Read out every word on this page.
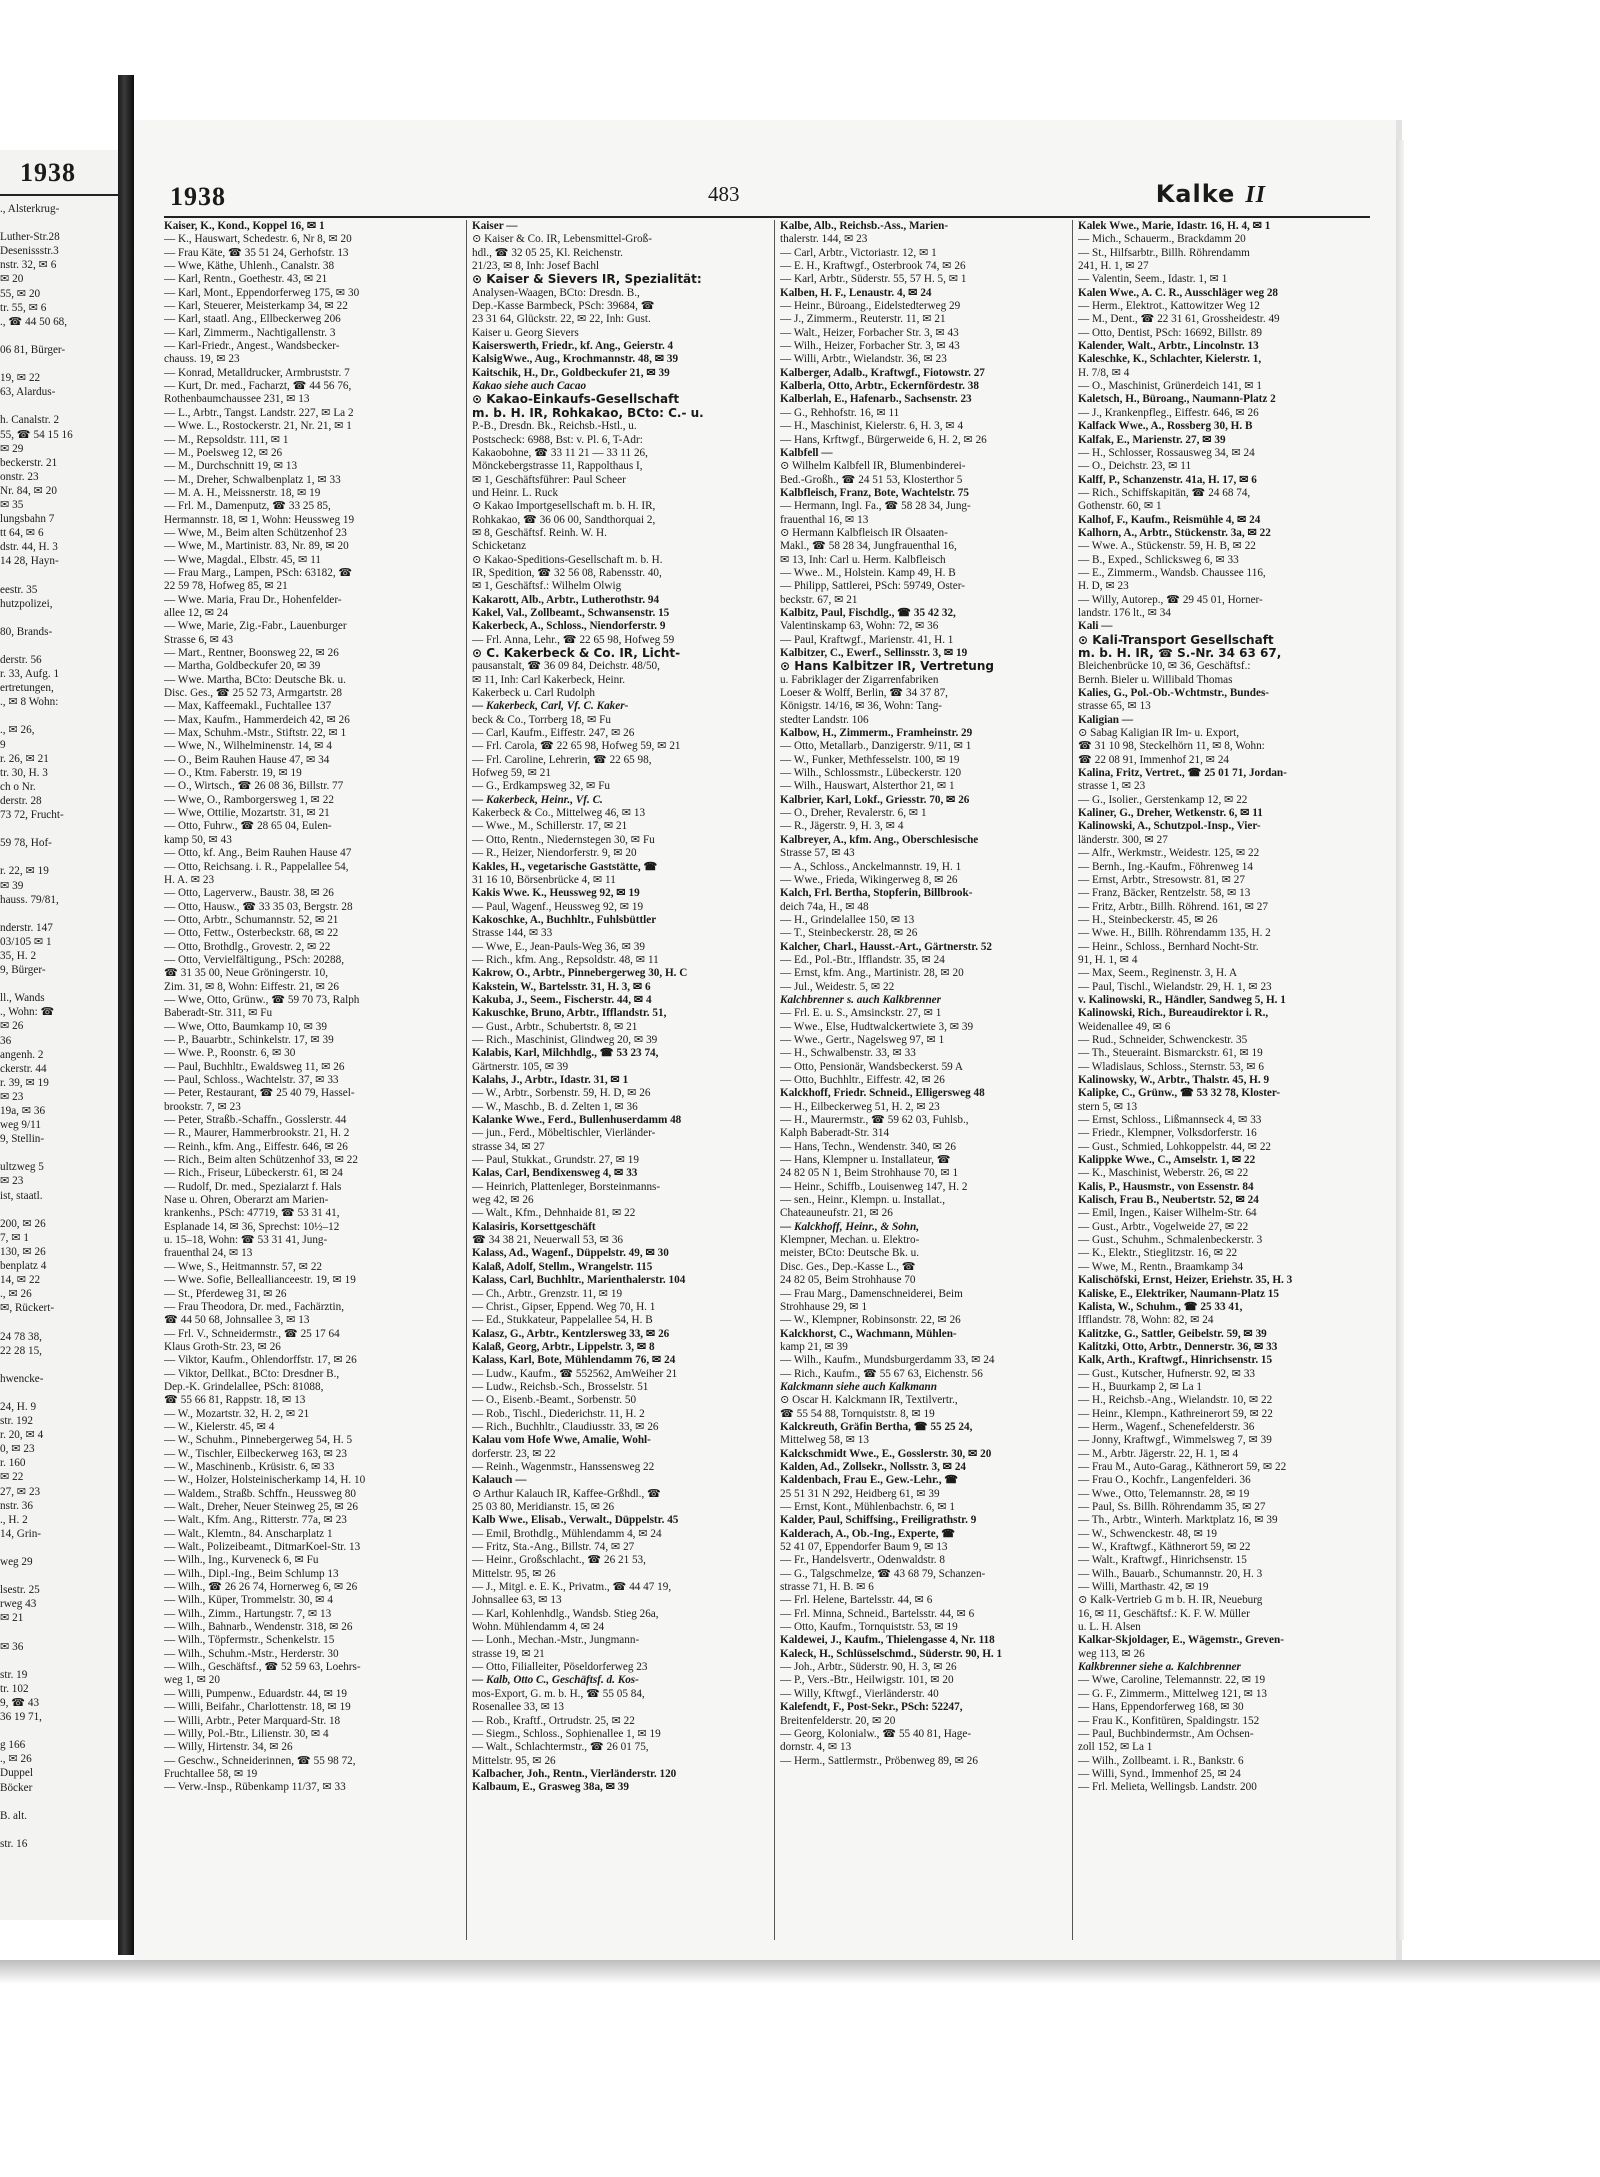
1938
., Alsterkrug-

Luther-Str.28
Desenissstr.3
nstr. 32, ✉ 6
✉ 20
55, ✉ 20
tr. 55, ✉ 6
., ☎ 44 50 68,

06 81, Bürger-

19, ✉ 22
63, Alardus-

h. Canalstr. 2
55, ☎ 54 15 16
✉ 29
beckerstr. 21
onstr. 23
Nr. 84, ✉ 20
✉ 35
lungsbahn 7
tt 64, ✉ 6
dstr. 44, H. 3
14 28, Hayn-

eestr. 35
hutzpolizei,

80, Brands-

derstr. 56
r. 33, Aufg. 1
ertretungen,
., ✉ 8 Wohn:

., ✉ 26,
9
r. 26, ✉ 21
tr. 30, H. 3
ch o Nr.
derstr. 28
73 72, Frucht-

59 78, Hof-

r. 22, ✉ 19
✉ 39
hauss. 79/81,

nderstr. 147
03/105 ✉ 1
35, H. 2
9, Bürger-

ll., Wands
., Wohn: ☎
✉ 26
36
angenh. 2
ckerstr. 44
r. 39, ✉ 19
✉ 23
19a, ✉ 36
weg 9/11
9, Stellin-

ultzweg 5
✉ 23
ist, staatl.

200, ✉ 26
7, ✉ 1
130, ✉ 26
benplatz 4
14, ✉ 22
., ✉ 26
✉, Rückert-

24 78 38,
22 28 15,

hwencke-

24, H. 9
str. 192
r. 20, ✉ 4
0, ✉ 23
r. 160
✉ 22
27, ✉ 23
nstr. 36
., H. 2
14, Grin-

weg 29

lsestr. 25
rweg 43
✉ 21

✉ 36

str. 19
tr. 102
9, ☎ 43
36 19 71,

g 166
., ✉ 26
Duppel
Böcker

B. alt.

str. 16
1938	483	Kalke II
Kaiser, K., Kond., Koppel 16, ✉ 1
— K., Hauswart, Schedestr. 6, Nr 8, ✉ 20
— Frau Käte, ☎ 35 51 24, Gerhofstr. 13
— Wwe, Käthe, Uhlenh., Canalstr. 38
— Karl, Rentn., Goethestr. 43, ✉ 21
— Karl, Mont., Eppendorferweg 175, ✉ 30
— Karl, Steuerer, Meisterkamp 34, ✉ 22
— Karl, staatl. Ang., Ellbeckerweg 206
— Karl, Zimmerm., Nachtigallenstr. 3
— Karl-Friedr., Angest., Wandsbecker-
chauss. 19, ✉ 23
— Konrad, Metalldrucker, Armbruststr. 7
— Kurt, Dr. med., Facharzt, ☎ 44 56 76,
Rothenbaumchaussee 231, ✉ 13
— L., Arbtr., Tangst. Landstr. 227, ✉ La 2
— Wwe. L., Rostockerstr. 21, Nr. 21, ✉ 1
— M., Repsoldstr. 111, ✉ 1
— M., Poelsweg 12, ✉ 26
— M., Durchschnitt 19, ✉ 13
— M., Dreher, Schwalbenplatz 1, ✉ 33
— M. A. H., Meissnerstr. 18, ✉ 19
— Frl. M., Damenputz, ☎ 33 25 85,
Hermannstr. 18, ✉ 1, Wohn: Heussweg 19
— Wwe, M., Beim alten Schützenhof 23
— Wwe, M., Martinistr. 83, Nr. 89, ✉ 20
— Wwe, Magdal., Elbstr. 45, ✉ 11
— Frau Marg., Lampen, PSch: 63182, ☎
22 59 78, Hofweg 85, ✉ 21
— Wwe. Maria, Frau Dr., Hohenfelder-
allee 12, ✉ 24
— Wwe, Marie, Zig.-Fabr., Lauenburger
Strasse 6, ✉ 43
— Mart., Rentner, Boonsweg 22, ✉ 26
— Martha, Goldbeckufer 20, ✉ 39
— Wwe. Martha, BCto: Deutsche Bk. u.
Disc. Ges., ☎ 25 52 73, Armgartstr. 28
— Max, Kaffeemakl., Fuchtallee 137
— Max, Kaufm., Hammerdeich 42, ✉ 26
— Max, Schuhm.-Mstr., Stiftstr. 22, ✉ 1
— Wwe, N., Wilhelminenstr. 14, ✉ 4
— O., Beim Rauhen Hause 47, ✉ 34
— O., Ktm. Faberstr. 19, ✉ 19
— O., Wirtsch., ☎ 26 08 36, Billstr. 77
— Wwe, O., Ramborgersweg 1, ✉ 22
— Wwe, Ottilie, Mozartstr. 31, ✉ 21
— Otto, Fuhrw., ☎ 28 65 04, Eulen-
kamp 50, ✉ 43
— Otto, kf. Ang., Beim Rauhen Hause 47
— Otto, Reichsang. i. R., Pappelallee 54,
H. A. ✉ 23
— Otto, Lagerverw., Baustr. 38, ✉ 26
— Otto, Hausw., ☎ 33 35 03, Bergstr. 28
— Otto, Arbtr., Schumannstr. 52, ✉ 21
— Otto, Fettw., Osterbeckstr. 68, ✉ 22
— Otto, Brothdlg., Grovestr. 2, ✉ 22
— Otto, Vervielfältigung., PSch: 20288,
☎ 31 35 00, Neue Gröningerstr. 10,
Zim. 31, ✉ 8, Wohn: Eiffestr. 21, ✉ 26
— Wwe, Otto, Grünw., ☎ 59 70 73, Ralph
Baberadt-Str. 311, ✉ Fu
— Wwe, Otto, Baumkamp 10, ✉ 39
— P., Bauarbtr., Schinkelstr. 17, ✉ 39
— Wwe. P., Roonstr. 6, ✉ 30
— Paul, Buchhltr., Ewaldsweg 11, ✉ 26
— Paul, Schloss., Wachtelstr. 37, ✉ 33
— Peter, Restaurant, ☎ 25 40 79, Hassel-
brookstr. 7, ✉ 23
— Peter, Straßb.-Schaffn., Gosslerstr. 44
— R., Maurer, Hammerbrookstr. 21, H. 2
— Reinh., kfm. Ang., Eiffestr. 646, ✉ 26
— Rich., Beim alten Schützenhof 33, ✉ 22
— Rich., Friseur, Lübeckerstr. 61, ✉ 24
— Rudolf, Dr. med., Spezialarzt f. Hals
Nase u. Ohren, Oberarzt am Marien-
krankenhs., PSch: 47719, ☎ 53 31 41,
Esplanade 14, ✉ 36, Sprechst: 10½–12
u. 15–18, Wohn: ☎ 53 31 41, Jung-
frauenthal 24, ✉ 13
— Wwe, S., Heitmannstr. 57, ✉ 22
— Wwe. Sofie, Belleallianceestr. 19, ✉ 19
— St., Pferdeweg 31, ✉ 26
— Frau Theodora, Dr. med., Fachärztin,
☎ 44 50 68, Johnsallee 3, ✉ 13
— Frl. V., Schneidermstr., ☎ 25 17 64
Klaus Groth-Str. 23, ✉ 26
— Viktor, Kaufm., Ohlendorffstr. 17, ✉ 26
— Viktor, Dellkat., BCto: Dresdner B.,
Dep.-K. Grindelallee, PSch: 81088,
☎ 55 66 81, Rappstr. 18, ✉ 13
— W., Mozartstr. 32, H. 2, ✉ 21
— W., Kielerstr. 45, ✉ 4
— W., Schuhm., Pinnebergerweg 54, H. 5
— W., Tischler, Eilbeckerweg 163, ✉ 23
— W., Maschinenb., Krüsistr. 6, ✉ 33
— W., Holzer, Holsteinischerkamp 14, H. 10
— Waldem., Straßb. Schffn., Heussweg 80
— Walt., Dreher, Neuer Steinweg 25, ✉ 26
— Walt., Kfm. Ang., Ritterstr. 77a, ✉ 23
— Walt., Klemtn., 84. Anscharplatz 1
— Walt., Polizeibeamt., DitmarKoel-Str. 13
— Wilh., Ing., Kurveneck 6, ✉ Fu
— Wilh., Dipl.-Ing., Beim Schlump 13
— Wilh., ☎ 26 26 74, Hornerweg 6, ✉ 26
— Wilh., Küper, Trommelstr. 30, ✉ 4
— Wilh., Zimm., Hartungstr. 7, ✉ 13
— Wilh., Bahnarb., Wendenstr. 318, ✉ 26
— Wilh., Töpfermstr., Schenkelstr. 15
— Wilh., Schuhm.-Mstr., Herderstr. 30
— Wilh., Geschäftsf., ☎ 52 59 63, Loehrs-
weg 1, ✉ 20
— Willi, Pumpenw., Eduardstr. 44, ✉ 19
— Willi, Beifahr., Charlottenstr. 18, ✉ 19
— Willi, Arbtr., Peter Marquard-Str. 18
— Willy, Pol.-Btr., Lilienstr. 30, ✉ 4
— Willy, Hirtenstr. 34, ✉ 26
— Geschw., Schneiderinnen, ☎ 55 98 72,
Fruchtallee 58, ✉ 19
— Verw.-Insp., Rübenkamp 11/37, ✉ 33
Kaiser —
⊙ Kaiser & Co. IR, Lebensmittel-Groß-
hdl., ☎ 32 05 25, Kl. Reichenstr.
21/23, ✉ 8, Inh: Josef Bachl
⊙ Kaiser & Sievers IR, Spezialität:
Analysen-Waagen, BCto: Dresdn. B.,
Dep.-Kasse Barmbeck, PSch: 39684, ☎
23 31 64, Glückstr. 22, ✉ 22, Inh: Gust.
Kaiser u. Georg Sievers
Kaiserswerth, Friedr., kf. Ang., Geierstr. 4
KalsigWwe., Aug., Krochmannstr. 48, ✉ 39
Kaitschik, H., Dr., Goldbeckufer 21, ✉ 39
Kakao siehe auch Cacao
⊙ Kakao-Einkaufs-Gesellschaft
m. b. H. IR, Rohkakao, BCto: C.- u.
P.-B., Dresdn. Bk., Reichsb.-Hstl., u.
Postscheck: 6988, Bst: v. Pl. 6, T-Adr:
Kakaobohne, ☎ 33 11 21 — 33 11 26,
Mönckebergstrasse 11, Rappolthaus I,
✉ 1, Geschäftsführer: Paul Scheer
und Heinr. L. Ruck
⊙ Kakao Importgesellschaft m. b. H. IR,
Rohkakao, ☎ 36 06 00, Sandthorquai 2,
✉ 8, Geschäftsf. Reinh. W. H.
Schicketanz
⊙ Kakao-Speditions-Gesellschaft m. b. H.
IR, Spedition, ☎ 32 56 08, Rabensstr. 40,
✉ 1, Geschäftsf.: Wilhelm Olwig
Kakarott, Alb., Arbtr., Lutherothstr. 94
Kakel, Val., Zollbeamt., Schwansenstr. 15
Kakerbeck, A., Schloss., Niendorferstr. 9
— Frl. Anna, Lehr., ☎ 22 65 98, Hofweg 59
⊙ C. Kakerbeck & Co. IR, Licht-
pausanstalt, ☎ 36 09 84, Deichstr. 48/50,
✉ 11, Inh: Carl Kakerbeck, Heinr.
Kakerbeck u. Carl Rudolph
— Kakerbeck, Carl, Vf. C. Kaker-
beck & Co., Torrberg 18, ✉ Fu
— Carl, Kaufm., Eiffestr. 247, ✉ 26
— Frl. Carola, ☎ 22 65 98, Hofweg 59, ✉ 21
— Frl. Caroline, Lehrerin, ☎ 22 65 98,
Hofweg 59, ✉ 21
— G., Erdkampsweg 32, ✉ Fu
— Kakerbeck, Heinr., Vf. C.
Kakerbeck & Co., Mittelweg 46, ✉ 13
— Wwe., M., Schillerstr. 17, ✉ 21
— Otto, Rentn., Niedernstegen 30, ✉ Fu
— R., Heizer, Niendorferstr. 9, ✉ 20
Kakles, H., vegetarische Gaststätte, ☎
31 16 10, Börsenbrücke 4, ✉ 11
Kakis Wwe. K., Heussweg 92, ✉ 19
— Paul, Wagenf., Heussweg 92, ✉ 19
Kakoschke, A., Buchhltr., Fuhlsbüttler
Strasse 144, ✉ 33
— Wwe, E., Jean-Pauls-Weg 36, ✉ 39
— Rich., kfm. Ang., Repsoldstr. 48, ✉ 11
Kakrow, O., Arbtr., Pinnebergerweg 30, H. C
Kakstein, W., Bartelsstr. 31, H. 3, ✉ 6
Kakuba, J., Seem., Fischerstr. 44, ✉ 4
Kakuschke, Bruno, Arbtr., Ifflandstr. 51,
— Gust., Arbtr., Schubertstr. 8, ✉ 21
— Rich., Maschinist, Glindweg 20, ✉ 39
Kalabis, Karl, Milchhdlg., ☎ 53 23 74,
Gärtnerstr. 105, ✉ 39
Kalahs, J., Arbtr., Idastr. 31, ✉ 1
— W., Arbtr., Sorbenstr. 59, H. D, ✉ 26
— W., Maschb., B. d. Zelten 1, ✉ 36
Kalanke Wwe., Ferd., Bullenhuserdamm 48
— jun., Ferd., Möbeltischler, Vierländer-
strasse 34, ✉ 27
— Paul, Stukkat., Grundstr. 27, ✉ 19
Kalas, Carl, Bendixensweg 4, ✉ 33
— Heinrich, Plattenleger, Borsteinmanns-
weg 42, ✉ 26
— Walt., Kfm., Dehnhaide 81, ✉ 22
Kalasiris, Korsettgeschäft
☎ 34 38 21, Neuerwall 53, ✉ 36
Kalass, Ad., Wagenf., Düppelstr. 49, ✉ 30
Kalaß, Adolf, Stellm., Wrangelstr. 115
Kalass, Carl, Buchhltr., Marienthalerstr. 104
— Ch., Arbtr., Grenzstr. 11, ✉ 19
— Christ., Gipser, Eppend. Weg 70, H. 1
— Ed., Stukkateur, Pappelallee 54, H. B
Kalasz, G., Arbtr., Kentzlersweg 33, ✉ 26
Kalaß, Georg, Arbtr., Lippelstr. 3, ✉ 8
Kalass, Karl, Bote, Mühlendamm 76, ✉ 24
— Ludw., Kaufm., ☎ 552562, AmWeiher 21
— Ludw., Reichsb.-Sch., Brosselstr. 51
— O., Eisenb.-Beamt., Sorbenstr. 50
— Rob., Tischl., Diederichstr. 11, H. 2
— Rich., Buchhltr., Claudiusstr. 33, ✉ 26
Kalau vom Hofe Wwe, Amalie, Wohl-
dorferstr. 23, ✉ 22
— Reinh., Wagenmstr., Hanssensweg 22
Kalauch —
⊙ Arthur Kalauch IR, Kaffee-Grßhdl., ☎
25 03 80, Meridianstr. 15, ✉ 26
Kalb Wwe., Elisab., Verwalt., Düppelstr. 45
— Emil, Brothdlg., Mühlendamm 4, ✉ 24
— Fritz, Sta.-Ang., Billstr. 74, ✉ 27
— Heinr., Großschlacht., ☎ 26 21 53,
Mittelstr. 95, ✉ 26
— J., Mitgl. e. E. K., Privatm., ☎ 44 47 19,
Johnsallee 63, ✉ 13
— Karl, Kohlenhdlg., Wandsb. Stieg 26a,
Wohn. Mühlendamm 4, ✉ 24
— Lonh., Mechan.-Mstr., Jungmann-
strasse 19, ✉ 21
— Otto, Filialleiter, Pöseldorferweg 23
— Kalb, Otto C., Geschäftsf. d. Kos-
mos-Export, G. m. b. H., ☎ 55 05 84,
Rosenallee 33, ✉ 13
— Rob., Kraftf., Ortrudstr. 25, ✉ 22
— Siegm., Schloss., Sophienallee 1, ✉ 19
— Walt., Schlachtermstr., ☎ 26 01 75,
Mittelstr. 95, ✉ 26
Kalbacher, Joh., Rentn., Vierländerstr. 120
Kalbaum, E., Grasweg 38a, ✉ 39
Kalbe, Alb., Reichsb.-Ass., Marien-
thalerstr. 144, ✉ 23
— Carl, Arbtr., Victoriastr. 12, ✉ 1
— E. H., Kraftwgf., Osterbrook 74, ✉ 26
— Karl, Arbtr., Süderstr. 55, 57 H. 5, ✉ 1
Kalben, H. F., Lenaustr. 4, ✉ 24
— Heinr., Büroang., Eidelstedterweg 29
— J., Zimmerm., Reuterstr. 11, ✉ 21
— Walt., Heizer, Forbacher Str. 3, ✉ 43
— Wilh., Heizer, Forbacher Str. 3, ✉ 43
— Willi, Arbtr., Wielandstr. 36, ✉ 23
Kalberger, Adalb., Kraftwgf., Fiotowstr. 27
Kalberla, Otto, Arbtr., Eckernfördestr. 38
Kalberlah, E., Hafenarb., Sachsenstr. 23
— G., Rehhofstr. 16, ✉ 11
— H., Maschinist, Kielerstr. 6, H. 3, ✉ 4
— Hans, Krftwgf., Bürgerweide 6, H. 2, ✉ 26
Kalbfell —
⊙ Wilhelm Kalbfell IR, Blumenbinderei-
Bed.-Großh., ☎ 24 51 53, Klosterthor 5
Kalbfleisch, Franz, Bote, Wachtelstr. 75
— Hermann, Ingl. Fa., ☎ 58 28 34, Jung-
frauenthal 16, ✉ 13
⊙ Hermann Kalbfleisch IR Ölsaaten-
Makl., ☎ 58 28 34, Jungfrauenthal 16,
✉ 13, Inh: Carl u. Herm. Kalbfleisch
— Wwe.. M., Holstein. Kamp 49, H. B
— Philipp, Sattlerei, PSch: 59749, Oster-
beckstr. 67, ✉ 21
Kalbitz, Paul, Fischdlg., ☎ 35 42 32,
Valentinskamp 63, Wohn: 72, ✉ 36
— Paul, Kraftwgf., Marienstr. 41, H. 1
Kalbitzer, C., Ewerf., Sellinsstr. 3, ✉ 19
⊙ Hans Kalbitzer IR, Vertretung
u. Fabriklager der Zigarrenfabriken
Loeser & Wolff, Berlin, ☎ 34 37 87,
Königstr. 14/16, ✉ 36, Wohn: Tang-
stedter Landstr. 106
Kalbow, H., Zimmerm., Framheinstr. 29
— Otto, Metallarb., Danzigerstr. 9/11, ✉ 1
— W., Funker, Methfesselstr. 100, ✉ 19
— Wilh., Schlossmstr., Lübeckerstr. 120
— Wilh., Hauswart, Alsterthor 21, ✉ 1
Kalbrier, Karl, Lokf., Griesstr. 70, ✉ 26
— O., Dreher, Revalerstr. 6, ✉ 1
— R., Jägerstr. 9, H. 3, ✉ 4
Kalbreyer, A., kfm. Ang., Oberschlesische
Strasse 57, ✉ 43
— A., Schloss., Anckelmannstr. 19, H. 1
— Wwe., Frieda, Wikingerweg 8, ✉ 26
Kalch, Frl. Bertha, Stopferin, Billbrook-
deich 74a, H., ✉ 48
— H., Grindelallee 150, ✉ 13
— T., Steinbeckerstr. 28, ✉ 26
Kalcher, Charl., Hausst.-Art., Gärtnerstr. 52
— Ed., Pol.-Btr., Ifflandstr. 35, ✉ 24
— Ernst, kfm. Ang., Martinistr. 28, ✉ 20
— Jul., Weidestr. 5, ✉ 22
Kalchbrenner s. auch Kalkbrenner
— Frl. E. u. S., Amsinckstr. 27, ✉ 1
— Wwe., Else, Hudtwalckertwiete 3, ✉ 39
— Wwe., Gertr., Nagelsweg 97, ✉ 1
— H., Schwalbenstr. 33, ✉ 33
— Otto, Pensionär, Wandsbeckerst. 59 A
— Otto, Buchhltr., Eiffestr. 42, ✉ 26
Kalckhoff, Friedr. Schneid., Elligersweg 48
— H., Eilbeckerweg 51, H. 2, ✉ 23
— H., Maurermstr., ☎ 59 62 03, Fuhlsb.,
Kalph Baberadt-Str. 314
— Hans, Techn., Wendenstr. 340, ✉ 26
— Hans, Klempner u. Installateur, ☎
24 82 05 N 1, Beim Strohhause 70, ✉ 1
— Heinr., Schiffb., Louisenweg 147, H. 2
— sen., Heinr., Klempn. u. Installat.,
Chateauneufstr. 21, ✉ 26
— Kalckhoff, Heinr., & Sohn,
Klempner, Mechan. u. Elektro-
meister, BCto: Deutsche Bk. u.
Disc. Ges., Dep.-Kasse L., ☎
24 82 05, Beim Strohhause 70
— Frau Marg., Damenschneiderei, Beim
Strohhause 29, ✉ 1
— W., Klempner, Robinsonstr. 22, ✉ 26
Kalckhorst, C., Wachmann, Mühlen-
kamp 21, ✉ 39
— Wilh., Kaufm., Mundsburgerdamm 33, ✉ 24
— Rich., Kaufm., ☎ 55 67 63, Eichenstr. 56
Kalckmann siehe auch Kalkmann
⊙ Oscar H. Kalckmann IR, Textilvertr.,
☎ 55 54 88, Tornquiststr. 8, ✉ 19
Kalckreuth, Gräfin Bertha, ☎ 55 25 24,
Mittelweg 58, ✉ 13
Kalckschmidt Wwe., E., Gosslerstr. 30, ✉ 20
Kalden, Ad., Zollsekr., Nollsstr. 3, ✉ 24
Kaldenbach, Frau E., Gew.-Lehr., ☎
25 51 31 N 292, Heidberg 61, ✉ 39
— Ernst, Kont., Mühlenbachstr. 6, ✉ 1
Kalder, Paul, Schiffsing., Freiligrathstr. 9
Kalderach, A., Ob.-Ing., Experte, ☎
52 41 07, Eppendorfer Baum 9, ✉ 13
— Fr., Handelsvertr., Odenwaldstr. 8
— G., Talgschmelze, ☎ 43 68 79, Schanzen-
strasse 71, H. B. ✉ 6
— Frl. Helene, Bartelsstr. 44, ✉ 6
— Frl. Minna, Schneid., Bartelsstr. 44, ✉ 6
— Otto, Kaufm., Tornquiststr. 53, ✉ 19
Kaldewei, J., Kaufm., Thielengasse 4, Nr. 118
Kaleck, H., Schlüsselschmd., Süderstr. 90, H. 1
— Joh., Arbtr., Süderstr. 90, H. 3, ✉ 26
— P., Vers.-Btr., Heilwigstr. 101, ✉ 20
— Willy, Kftwgf., Vierländerstr. 40
Kalefendt, F., Post-Sekr., PSch: 52247,
Breitenfelderstr. 20, ✉ 20
— Georg, Kolonialw., ☎ 55 40 81, Hage-
dornstr. 4, ✉ 13
— Herm., Sattlermstr., Pröbenweg 89, ✉ 26
Kalek Wwe., Marie, Idastr. 16, H. 4, ✉ 1
— Mich., Schauerm., Brackdamm 20
— St., Hilfsarbtr., Billh. Röhrendamm
241, H. 1, ✉ 27
— Valentin, Seem., Idastr. 1, ✉ 1
Kalen Wwe., A. C. R., Ausschläger weg 28
— Herm., Elektrot., Kattowitzer Weg 12
— M., Dent., ☎ 22 31 61, Grossheidestr. 49
— Otto, Dentist, PSch: 16692, Billstr. 89
Kalender, Walt., Arbtr., Lincolnstr. 13
Kaleschke, K., Schlachter, Kielerstr. 1,
H. 7/8, ✉ 4
— O., Maschinist, Grünerdeich 141, ✉ 1
Kaletsch, H., Büroang., Naumann-Platz 2
— J., Krankenpfleg., Eiffestr. 646, ✉ 26
Kalfack Wwe., A., Rossberg 30, H. B
Kalfak, E., Marienstr. 27, ✉ 39
— H., Schlosser, Rossausweg 34, ✉ 24
— O., Deichstr. 23, ✉ 11
Kalff, P., Schanzenstr. 41a, H. 17, ✉ 6
— Rich., Schiffskapitän, ☎ 24 68 74,
Gothenstr. 60, ✉ 1
Kalhof, F., Kaufm., Reismühle 4, ✉ 24
Kalhorn, A., Arbtr., Stückenstr. 3a, ✉ 22
— Wwe. A., Stückenstr. 59, H. B, ✉ 22
— B., Exped., Schlicksweg 6, ✉ 33
— E., Zimmerm., Wandsb. Chaussee 116,
H. D, ✉ 23
— Willy, Autorep., ☎ 29 45 01, Horner-
landstr. 176 lt., ✉ 34
Kali —
⊙ Kali-Transport Gesellschaft
m. b. H. IR, ☎ S.-Nr. 34 63 67,
Bleichenbrücke 10, ✉ 36, Geschäftsf.:
Bernh. Bieler u. Willibald Thomas
Kalies, G., Pol.-Ob.-Wchtmstr., Bundes-
strasse 65, ✉ 13
Kaligian —
⊙ Sabag Kaligian IR Im- u. Export,
☎ 31 10 98, Steckelhörn 11, ✉ 8, Wohn:
☎ 22 08 91, Immenhof 21, ✉ 24
Kalina, Fritz, Vertret., ☎ 25 01 71, Jordan-
strasse 1, ✉ 23
— G., Isolier., Gerstenkamp 12, ✉ 22
Kaliner, G., Dreher, Wetkenstr. 6, ✉ 11
Kalinowski, A., Schutzpol.-Insp., Vier-
länderstr. 300, ✉ 27
— Alfr., Werkmstr., Weidestr. 125, ✉ 22
— Bernh., Ing.-Kaufm., Föhrenweg 14
— Ernst, Arbtr., Stresowstr. 81, ✉ 27
— Franz, Bäcker, Rentzelstr. 58, ✉ 13
— Fritz, Arbtr., Billh. Röhrend. 161, ✉ 27
— H., Steinbeckerstr. 45, ✉ 26
— Wwe. H., Billh. Röhrendamm 135, H. 2
— Heinr., Schloss., Bernhard Nocht-Str.
91, H. 1, ✉ 4
— Max, Seem., Reginenstr. 3, H. A
— Paul, Tischl., Wielandstr. 29, H. 1, ✉ 23
v. Kalinowski, R., Händler, Sandweg 5, H. 1
Kalinowski, Rich., Bureaudirektor i. R.,
Weidenallee 49, ✉ 6
— Rud., Schneider, Schwenckestr. 35
— Th., Steueraint. Bismarckstr. 61, ✉ 19
— Wladislaus, Schloss., Sternstr. 53, ✉ 6
Kalinowsky, W., Arbtr., Thalstr. 45, H. 9
Kalipke, C., Grünw., ☎ 53 32 78, Kloster-
stern 5, ✉ 13
— Ernst, Schloss., Lißmannseck 4, ✉ 33
— Friedr., Klempner, Volksdorferstr. 16
— Gust., Schmied, Lohkoppelstr. 44, ✉ 22
Kalippke Wwe., C., Amselstr. 1, ✉ 22
— K., Maschinist, Weberstr. 26, ✉ 22
Kalis, P., Hausmstr., von Essenstr. 84
Kalisch, Frau B., Neubertstr. 52, ✉ 24
— Emil, Ingen., Kaiser Wilhelm-Str. 64
— Gust., Arbtr., Vogelweide 27, ✉ 22
— Gust., Schuhm., Schmalenbeckerstr. 3
— K., Elektr., Stieglitzstr. 16, ✉ 22
— Wwe, M., Rentn., Braamkamp 34
Kalischöfski, Ernst, Heizer, Eriehstr. 35, H. 3
Kaliske, E., Elektriker, Naumann-Platz 15
Kalista, W., Schuhm., ☎ 25 33 41,
Ifflandstr. 78, Wohn: 82, ✉ 24
Kalitzke, G., Sattler, Geibelstr. 59, ✉ 39
Kalitzki, Otto, Arbtr., Dennerstr. 36, ✉ 33
Kalk, Arth., Kraftwgf., Hinrichsenstr. 15
— Gust., Kutscher, Hufnerstr. 92, ✉ 33
— H., Buurkamp 2, ✉ La 1
— H., Reichsb.-Ang., Wielandstr. 10, ✉ 22
— Heinr., Klempn., Kathreinerort 59, ✉ 22
— Herm., Wagenf., Schenefelderstr. 36
— Jonny, Kraftwgf., Wimmelsweg 7, ✉ 39
— M., Arbtr. Jägerstr. 22, H. 1, ✉ 4
— Frau M., Auto-Garag., Käthnerort 59, ✉ 22
— Frau O., Kochfr., Langenfelderi. 36
— Wwe., Otto, Telemannstr. 28, ✉ 19
— Paul, Ss. Billh. Röhrendamm 35, ✉ 27
— Th., Arbtr., Winterh. Marktplatz 16, ✉ 39
— W., Schwenckestr. 48, ✉ 19
— W., Kraftwgf., Käthnerort 59, ✉ 22
— Walt., Kraftwgf., Hinrichsenstr. 15
— Wilh., Bauarb., Schumannstr. 20, H. 3
— Willi, Marthastr. 42, ✉ 19
⊙ Kalk-Vertrieb G m b. H. IR, Neueburg
16, ✉ 11, Geschäftsf.: K. F. W. Müller
u. L. H. Alsen
Kalkar-Skjoldager, E., Wägemstr., Greven-
weg 113, ✉ 26
Kalkbrenner siehe a. Kalchbrenner
— Wwe, Caroline, Telemannstr. 22, ✉ 19
— G. F., Zimmerm., Mittelweg 121, ✉ 13
— Hans, Eppendorferweg 168, ✉ 30
— Frau K., Konfitüren, Spaldingstr. 152
— Paul, Buchbindermstr., Am Ochsen-
zoll 152, ✉ La 1
— Wilh., Zollbeamt. i. R., Bankstr. 6
— Willi, Synd., Immenhof 25, ✉ 24
— Frl. Melieta, Wellingsb. Landstr. 200
